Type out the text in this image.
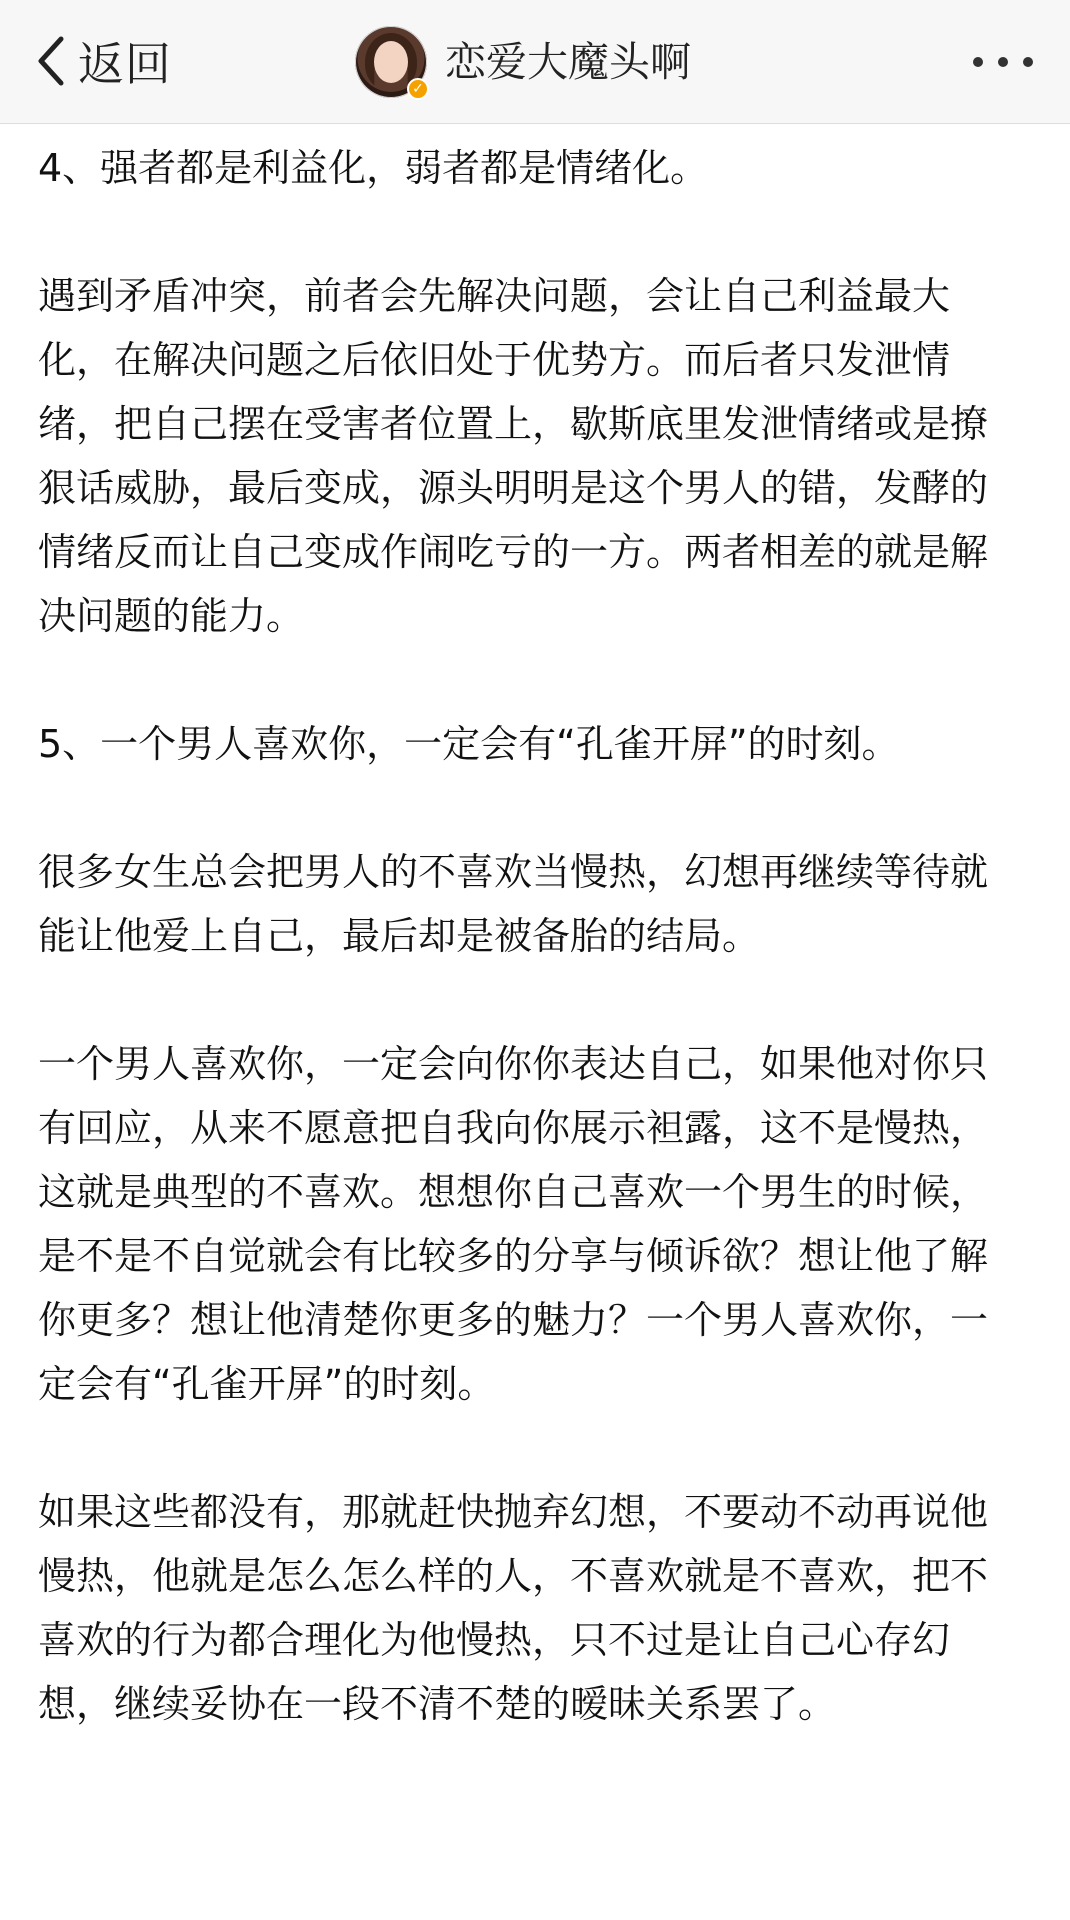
返回	✓
恋爱大魔头啊

4、强者都是利益化，弱者都是情绪化。

遇到矛盾冲突，前者会先解决问题，会让自己利益最大化，在解决问题之后依旧处于优势方。而后者只发泄情绪，把自己摆在受害者位置上，歇斯底里发泄情绪或是撩狠话威胁，最后变成，源头明明是这个男人的错，发酵的情绪反而让自己变成作闹吃亏的一方。两者相差的就是解决问题的能力。

5、一个男人喜欢你，一定会有“孔雀开屏”的时刻。

很多女生总会把男人的不喜欢当慢热，幻想再继续等待就能让他爱上自己，最后却是被备胎的结局。

一个男人喜欢你，一定会向你你表达自己，如果他对你只有回应，从来不愿意把自我向你展示袒露，这不是慢热，这就是典型的不喜欢。想想你自己喜欢一个男生的时候，是不是不自觉就会有比较多的分享与倾诉欲？想让他了解你更多？想让他清楚你更多的魅力？一个男人喜欢你，一定会有“孔雀开屏”的时刻。

如果这些都没有，那就赶快抛弃幻想，不要动不动再说他慢热，他就是怎么怎么样的人，不喜欢就是不喜欢，把不喜欢的行为都合理化为他慢热，只不过是让自己心存幻想，继续妥协在一段不清不楚的暧昧关系罢了。
